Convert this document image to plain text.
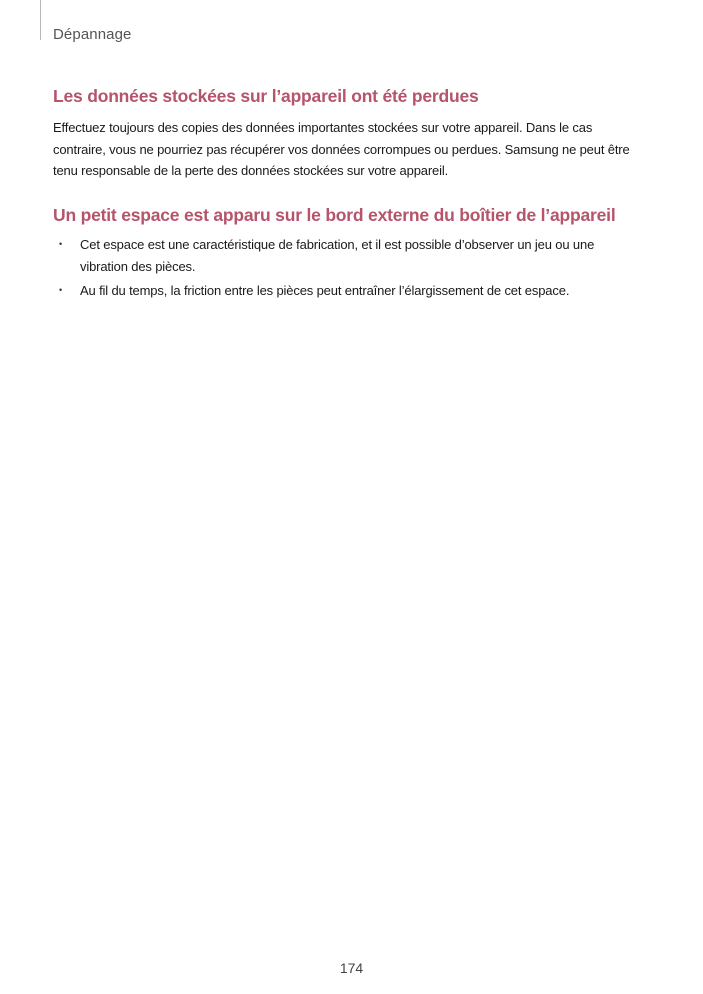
Dépannage
Les données stockées sur l’appareil ont été perdues

Effectuez toujours des copies des données importantes stockées sur votre appareil. Dans le cas contraire, vous ne pourriez pas récupérer vos données corrompues ou perdues. Samsung ne peut être tenu responsable de la perte des données stockées sur votre appareil.

Un petit espace est apparu sur le bord externe du boîtier de l’appareil
• Cet espace est une caractéristique de fabrication, et il est possible d’observer un jeu ou une vibration des pièces.
• Au fil du temps, la friction entre les pièces peut entraîner l’élargissement de cet espace.
174
